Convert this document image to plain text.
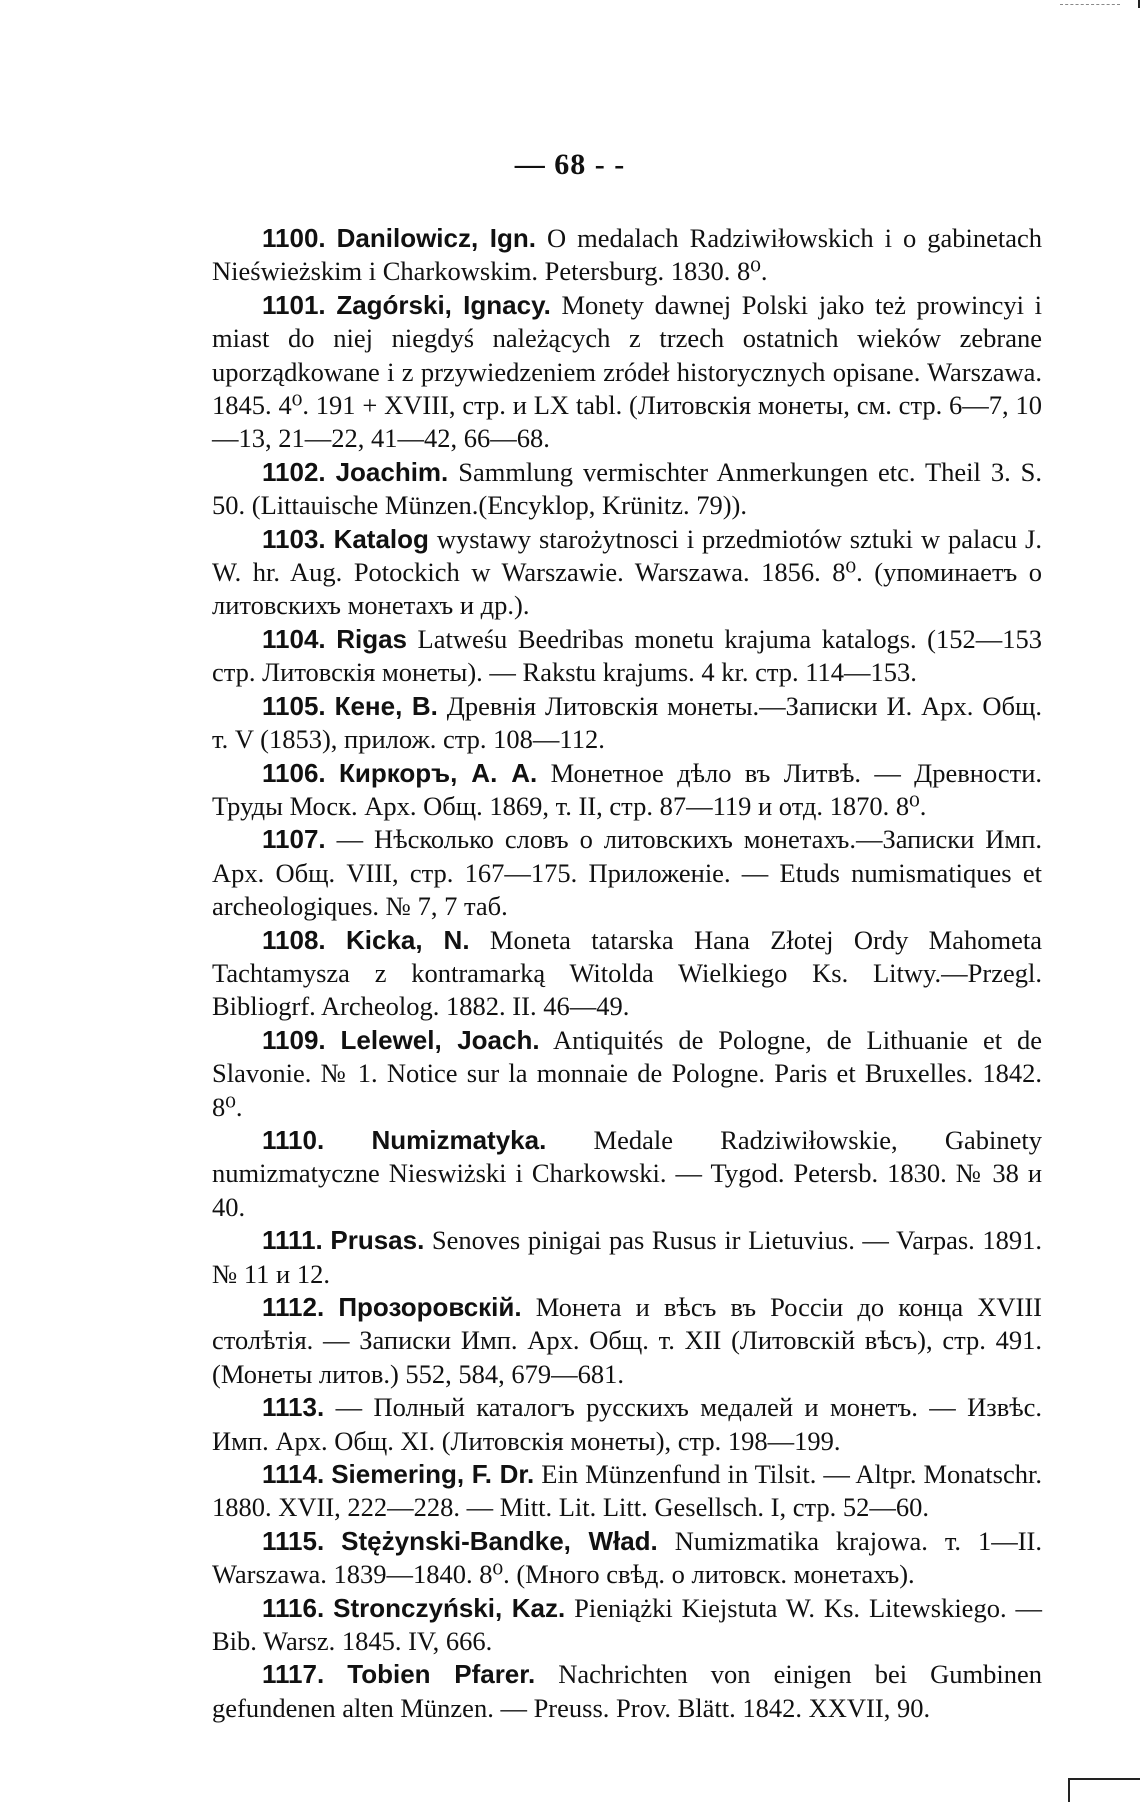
— 68 - -

1100. Danilowicz, Ign. O medalach Radziwiłowskich i o gabinetach Nieświeżskim i Charkowskim. Petersburg. 1830. 8⁰.

1101. Zagórski, Ignacy. Monety dawnej Polski jako też prowincyi i miast do niej niegdyś należących z trzech ostatnich wieków zebrane uporządkowane i z przywiedzeniem zródeł historycznych opisane. Warszawa. 1845. 4⁰. 191 + XVIII, стр. и LX tabl. (Литовскія монеты, см. стр. 6—7, 10—13, 21—22, 41—42, 66—68.

1102. Joachim. Sammlung vermischter Anmerkungen etc. Theil 3. S. 50. (Littauische Münzen.(Encyklop, Krünitz. 79)).

1103. Katalog wystawy starożytnosci i przedmiotów sztuki w palacu J. W. hr. Aug. Potockich w Warszawie. Warszawa. 1856. 8⁰. (упоминаетъ о литовскихъ монетахъ и др.).

1104. Rigas Latweśu Beedribas monetu krajuma katalogs. (152—153 стр. Литовскія монеты). — Rakstu krajums. 4 kr. стр. 114—153.

1105. Кене, В. Древнія Литовскія монеты.—Записки И. Арх. Общ. т. V (1853), прилож. стр. 108—112.

1106. Киркоръ, А. А. Монетное дѣло въ Литвѣ. — Древности. Труды Моск. Арх. Общ. 1869, т. II, стр. 87—119 и отд. 1870. 8⁰.

1107. — Нѣсколько словъ о литовскихъ монетахъ.—Записки Имп. Арх. Общ. VIII, стр. 167—175. Приложеніе. — Etuds numismatiques et archeologiques. № 7, 7 таб.

1108. Kicka, N. Moneta tatarska Hana Złotej Ordy Mahometa Tachtamysza z kontramarką Witolda Wielkiego Ks. Litwy.—Przegl. Bibliogrf. Archeolog. 1882. II. 46—49.

1109. Lelewel, Joach. Antiquités de Pologne, de Lithuanie et de Slavonie. № 1. Notice sur la monnaie de Pologne. Paris et Bruxelles. 1842. 8⁰.

1110. Numizmatyka. Medale Radziwiłowskie, Gabinety numizmatyczne Nieswiżski i Charkowski. — Tygod. Petersb. 1830. № 38 и 40.

1111. Prusas. Senoves pinigai pas Rusus ir Lietuvius. — Varpas. 1891. № 11 и 12.

1112. Прозоровскій. Монета и вѣсъ въ Россіи до конца XVIII столѣтія. — Записки Имп. Арх. Общ. т. XII (Литовскій вѣсъ), стр. 491. (Монеты литов.) 552, 584, 679—681.

1113. — Полный каталогъ русскихъ медалей и монетъ. — Извѣс. Имп. Арх. Общ. XI. (Литовскія монеты), стр. 198—199.

1114. Siemering, F. Dr. Ein Münzenfund in Tilsit. — Altpr. Monatschr. 1880. XVII, 222—228. — Mitt. Lit. Litt. Gesellsch. I, стр. 52—60.

1115. Stężynski-Bandke, Wład. Numizmatika krajowa. т. 1—II. Warszawa. 1839—1840. 8⁰. (Много свѣд. о литовск. монетахъ).

1116. Stronczyński, Kaz. Pieniążki Kiejstuta W. Ks. Litewskiego. — Bib. Warsz. 1845. IV, 666.

1117. Tobien Pfarer. Nachrichten von einigen bei Gumbinen gefundenen alten Münzen. — Preuss. Prov. Blätt. 1842. XXVII, 90.
